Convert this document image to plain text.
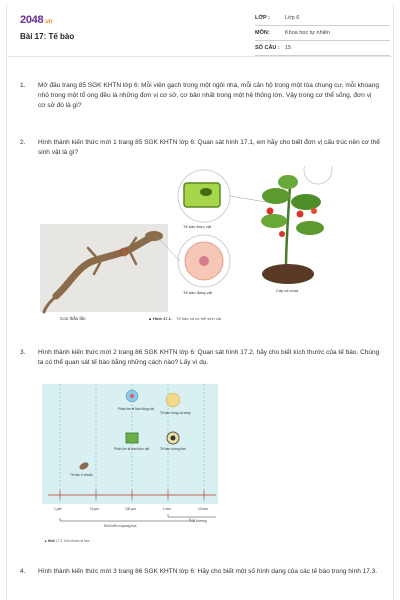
2048.vn
Bài 17: Tế bào
LỚP :	Lớp 6
MÔN:	Khoa học tự nhiên
SỐ CÂU : 15
1. Mở đầu trang 85 SGK KHTN lớp 6: Mỗi viên gạch trong một ngôi nhà, mỗi căn hộ trong một tòa chung cư, mỗi khoang nhỏ trong một tổ ong đều là những đơn vị cơ sở, cơ bản nhất trong một hệ thống lớn. Vậy trong cơ thể sống, đơn vị cơ sở đó là gì?
2. Hình thành kiến thức mới 1 trang 85 SGK KHTN lớp 6: Quan sát hình 17.1, em hãy cho biết đơn vị cấu trúc nên cơ thể sinh vật là gì?
Con thằn lằn
Tế bào thực vật
Tế bào động vật	Cây cà chua
▲ Hình 17.1. Tế bào và cơ thể sinh vật
3. Hình thành kiến thức mới 2 trang 86 SGK KHTN lớp 6: Quan sát hình 17.2, hãy cho biết kích thước của tế bào. Chúng ta có thể quan sát tế bào bằng những cách nào? Lấy ví dụ.
Phần lớn tế bào động vật
Tế bào trứng cá chép
Phần lớn tế bào thực vật	Tế bào tướng đơn
Tế bào vi khuẩn
1 µm*	10 µm	100 µm	1 mm	10 mm
Mắt thường
Kính hiển vi quang học
▲ Hình 17.2. Kích thước tế bào
4. Hình thành kiến thức mới 3 trang 86 SGK KHTN lớp 6: Hãy cho biết một số hình dạng của các tế bào trong hình 17.3.
